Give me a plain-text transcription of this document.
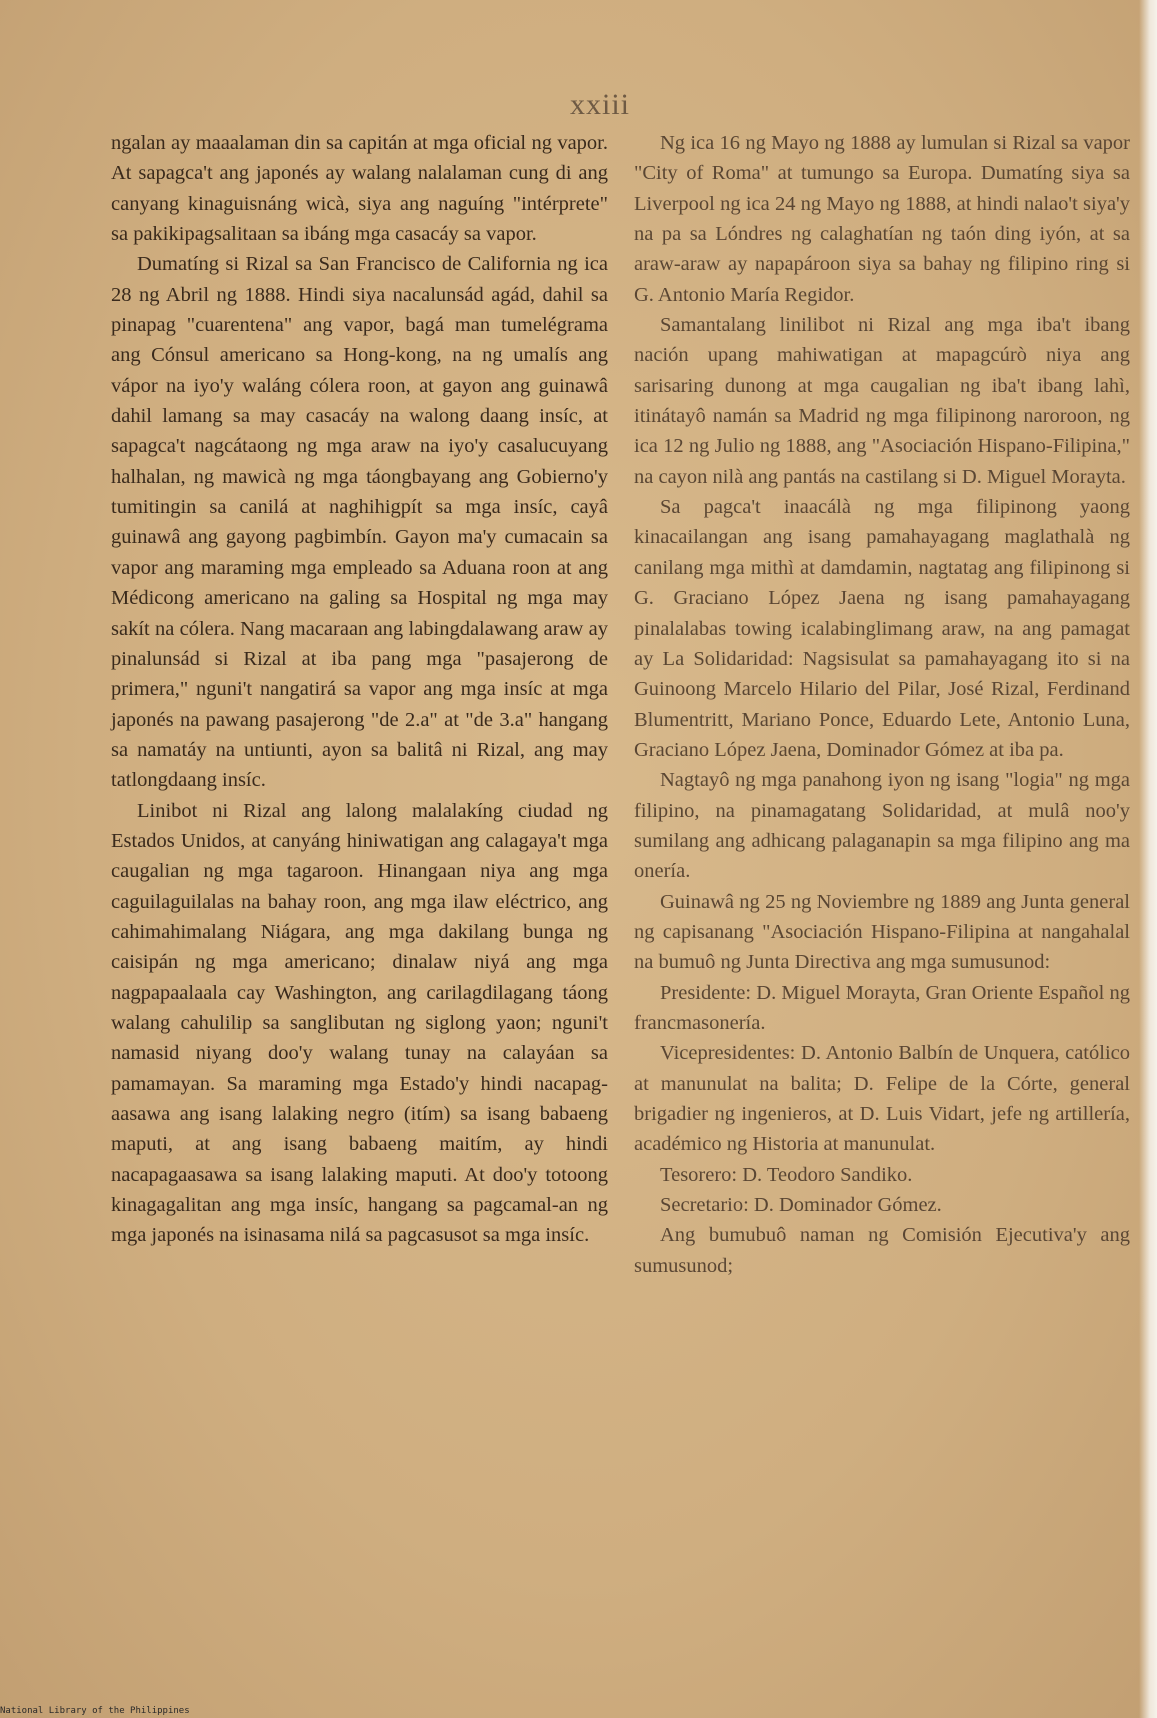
xxiii

ngalan ay maaalaman din sa capitán at mga oficial ng vapor. At sapagca't ang japonés ay walang nalalaman cung di ang canyang kinaguisnáng wicà, siya ang naguíng "intérprete" sa pakikipagsalitaan sa ibáng mga casacáy sa vapor.

Dumatíng si Rizal sa San Francisco de California ng ica 28 ng Abril ng 1888. Hindi siya nacalunsád agád, dahil sa pinapag "cuarentena" ang vapor, bagá man tumelégrama ang Cónsul americano sa Hong-kong, na ng umalís ang vápor na iyo'y waláng cólera roon, at gayon ang guinawâ dahil lamang sa may casacáy na walong daang insíc, at sapagca't nagcátaong ng mga araw na iyo'y casalucuyang halhalan, ng mawicà ng mga táongbayang ang Gobierno'y tumitingin sa canilá at naghihigpít sa mga insíc, cayâ guinawâ ang gayong pagbimbín. Gayon ma'y cumacain sa vapor ang maraming mga empleado sa Aduana roon at ang Médicong americano na galing sa Hospital ng mga may sakít na cólera. Nang macaraan ang labingdalawang araw ay pinalunsád si Rizal at iba pang mga "pasajerong de primera," nguni't nangatirá sa vapor ang mga insíc at mga japonés na pawang pasajerong "de 2.a" at "de 3.a" hangang sa namatáy na untiunti, ayon sa balitâ ni Rizal, ang may tatlongdaang insíc.

Linibot ni Rizal ang lalong malalakíng ciudad ng Estados Unidos, at canyáng hiniwatigan ang calagaya't mga caugalian ng mga tagaroon. Hinangaan niya ang mga caguilaguilalas na bahay roon, ang mga ilaw eléctrico, ang cahimahimalang Niágara, ang mga dakilang bunga ng caisipán ng mga americano; dinalaw niyá ang mga nagpapaalaala cay Washington, ang carilagdilagang táong walang cahulilip sa sanglibutan ng siglong yaon; nguni't namasid niyang doo'y walang tunay na calayáan sa pamamayan. Sa maraming mga Estado'y hindi nacapag-aasawa ang isang lalaking negro (itím) sa isang babaeng maputi, at ang isang babaeng maitím, ay hindi nacapagaasawa sa isang lalaking maputi. At doo'y totoong kinagagalitan ang mga insíc, hangang sa pagcamal-an ng mga japonés na isinasama nilá sa pagcasusot sa mga insíc.

Ng ica 16 ng Mayo ng 1888 ay lumulan si Rizal sa vapor "City of Roma" at tumungo sa Europa. Dumatíng siya sa Liverpool ng ica 24 ng Mayo ng 1888, at hindi nalao't siya'y na pa sa Lóndres ng calaghatían ng taón ding iyón, at sa araw-araw ay napapároon siya sa bahay ng filipino ring si G. Antonio María Regidor.

Samantalang linilibot ni Rizal ang mga iba't ibang nación upang mahiwatigan at mapagcúrò niya ang sarisaring dunong at mga caugalian ng iba't ibang lahì, itinátayô namán sa Madrid ng mga filipinong naroroon, ng ica 12 ng Julio ng 1888, ang "Asociación Hispano-Filipina," na cayon nilà ang pantás na castilang si D. Miguel Morayta.

Sa pagca't inaacálà ng mga filipinong yaong kinacailangan ang isang pamahayagang maglathalà ng canilang mga mithì at damdamin, nagtatag ang filipinong si G. Graciano López Jaena ng isang pamahayagang pinalalabas towing icalabinglimang araw, na ang pamagat ay La Solidaridad: Nagsisulat sa pamahayagang ito si na Guinoong Marcelo Hilario del Pilar, José Rizal, Ferdinand Blumentritt, Mariano Ponce, Eduardo Lete, Antonio Luna, Graciano López Jaena, Dominador Gómez at iba pa.

Nagtayô ng mga panahong iyon ng isang "logia" ng mga filipino, na pinamagatang Solidaridad, at mulâ noo'y sumilang ang adhicang palaganapin sa mga filipino ang ma onería.

Guinawâ ng 25 ng Noviembre ng 1889 ang Junta general ng capisanang "Asociación Hispano-Filipina at nangahalal na bumuô ng Junta Directiva ang mga sumusunod:

Presidente: D. Miguel Morayta, Gran Oriente Español ng francmasonería.

Vicepresidentes: D. Antonio Balbín de Unquera, católico at manunulat na balita; D. Felipe de la Córte, general brigadier ng ingenieros, at D. Luis Vidart, jefe ng artillería, académico ng Historia at manunulat.

Tesorero: D. Teodoro Sandiko.

Secretario: D. Dominador Gómez.

Ang bumubuô naman ng Comisión Ejecutiva'y ang sumusunod;

National Library of the Philippines
